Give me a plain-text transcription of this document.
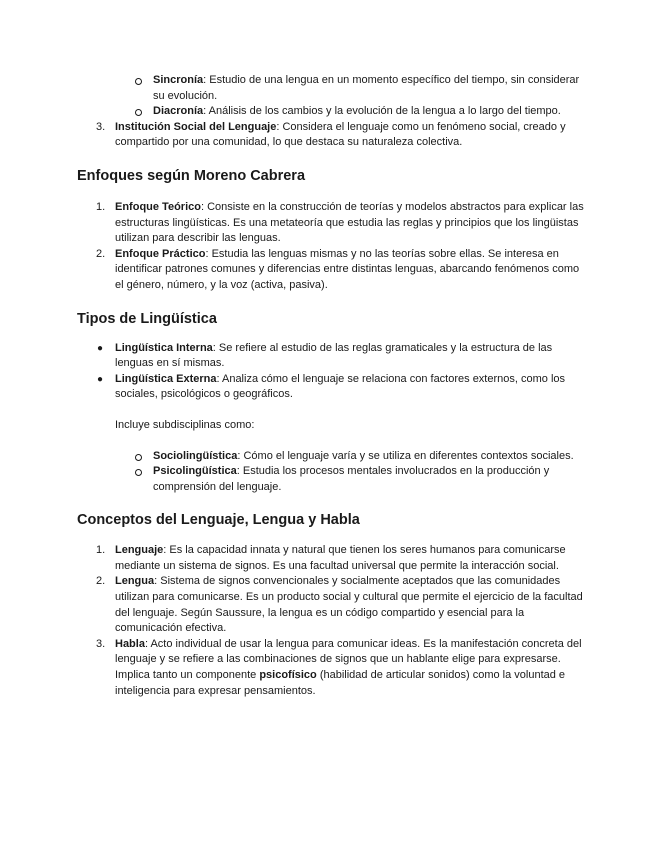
Sincronía: Estudio de una lengua en un momento específico del tiempo, sin considerar su evolución.
Diacronía: Análisis de los cambios y la evolución de la lengua a lo largo del tiempo.
3. Institución Social del Lenguaje: Considera el lenguaje como un fenómeno social, creado y compartido por una comunidad, lo que destaca su naturaleza colectiva.
Enfoques según Moreno Cabrera
1. Enfoque Teórico: Consiste en la construcción de teorías y modelos abstractos para explicar las estructuras lingüísticas. Es una metateoría que estudia las reglas y principios que los lingüistas utilizan para describir las lenguas.
2. Enfoque Práctico: Estudia las lenguas mismas y no las teorías sobre ellas. Se interesa en identificar patrones comunes y diferencias entre distintas lenguas, abarcando fenómenos como el género, número, y la voz (activa, pasiva).
Tipos de Lingüística
● Lingüística Interna: Se refiere al estudio de las reglas gramaticales y la estructura de las lenguas en sí mismas.
● Lingüística Externa: Analiza cómo el lenguaje se relaciona con factores externos, como los sociales, psicológicos o geográficos.
Incluye subdisciplinas como:
Sociolingüística: Cómo el lenguaje varía y se utiliza en diferentes contextos sociales.
Psicolingüística: Estudia los procesos mentales involucrados en la producción y comprensión del lenguaje.
Conceptos del Lenguaje, Lengua y Habla
1. Lenguaje: Es la capacidad innata y natural que tienen los seres humanos para comunicarse mediante un sistema de signos. Es una facultad universal que permite la interacción social.
2. Lengua: Sistema de signos convencionales y socialmente aceptados que las comunidades utilizan para comunicarse. Es un producto social y cultural que permite el ejercicio de la facultad del lenguaje. Según Saussure, la lengua es un código compartido y esencial para la comunicación efectiva.
3. Habla: Acto individual de usar la lengua para comunicar ideas. Es la manifestación concreta del lenguaje y se refiere a las combinaciones de signos que un hablante elige para expresarse. Implica tanto un componente psicofísico (habilidad de articular sonidos) como la voluntad e inteligencia para expresar pensamientos.
